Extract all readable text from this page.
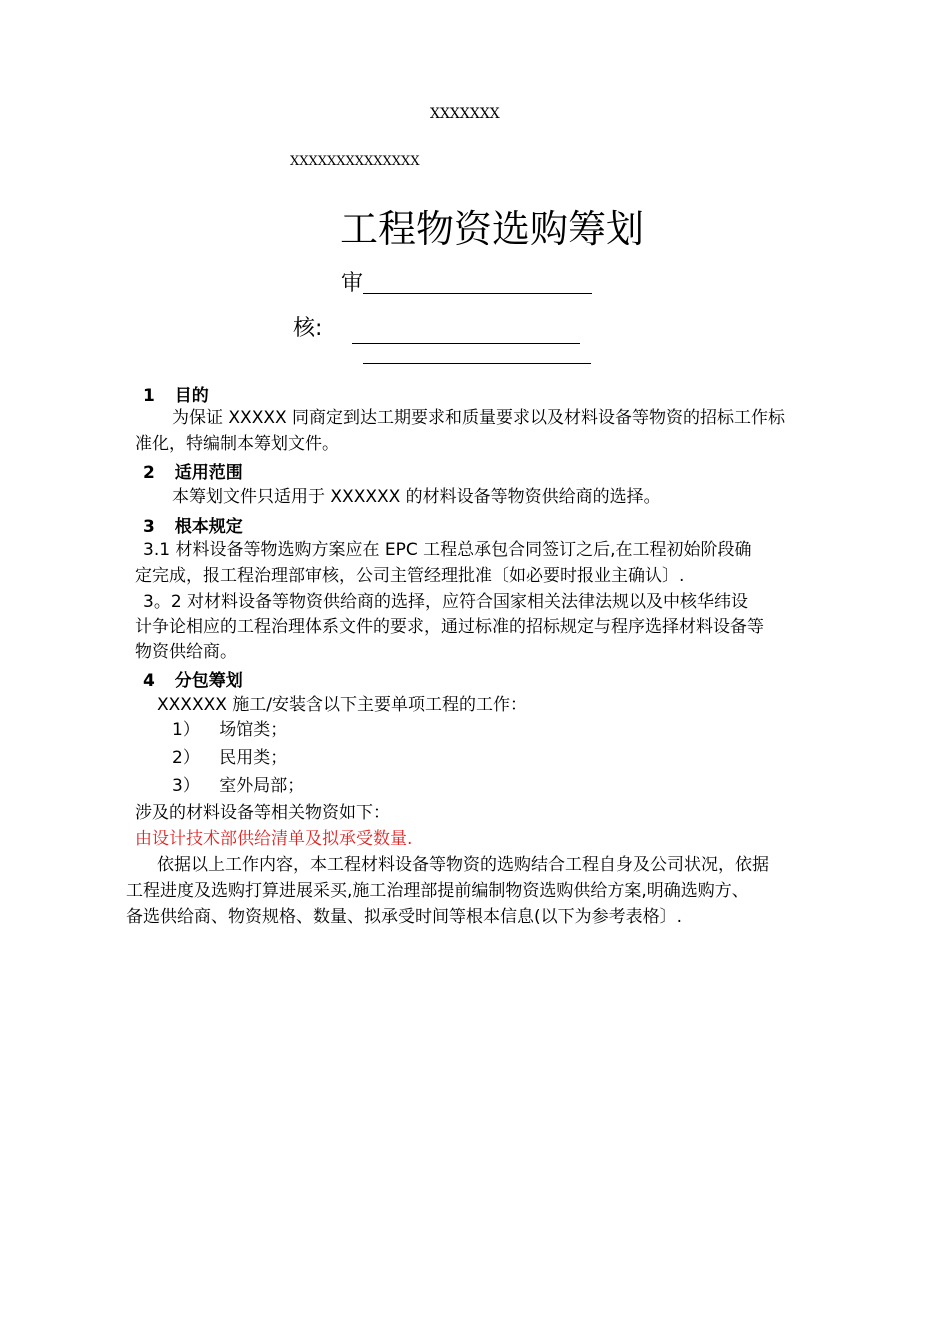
XXXXXXX
XXXXXXXXXXXXXX
工程物资选购筹划
审
核:
1 目的
为保证 XXXXX 同商定到达工期要求和质量要求以及材料设备等物资的招标工作标
准化，特编制本筹划文件。
2 适用范围
本筹划文件只适用于 XXXXXX 的材料设备等物资供给商的选择。
3 根本规定
3.1 材料设备等物选购方案应在 EPC 工程总承包合同签订之后,在工程初始阶段确
定完成，报工程治理部审核，公司主管经理批准〔如必要时报业主确认〕.
3。2 对材料设备等物资供给商的选择，应符合国家相关法律法规以及中核华纬设
计争论相应的工程治理体系文件的要求，通过标准的招标规定与程序选择材料设备等
物资供给商。
4 分包筹划
XXXXXX 施工/安装含以下主要单项工程的工作：
1） 场馆类；
2） 民用类；
3） 室外局部；
涉及的材料设备等相关物资如下：
由设计技术部供给清单及拟承受数量.
依据以上工作内容，本工程材料设备等物资的选购结合工程自身及公司状况，依据
工程进度及选购打算进展采买,施工治理部提前编制物资选购供给方案,明确选购方、
备选供给商、物资规格、数量、拟承受时间等根本信息(以下为参考表格〕.
